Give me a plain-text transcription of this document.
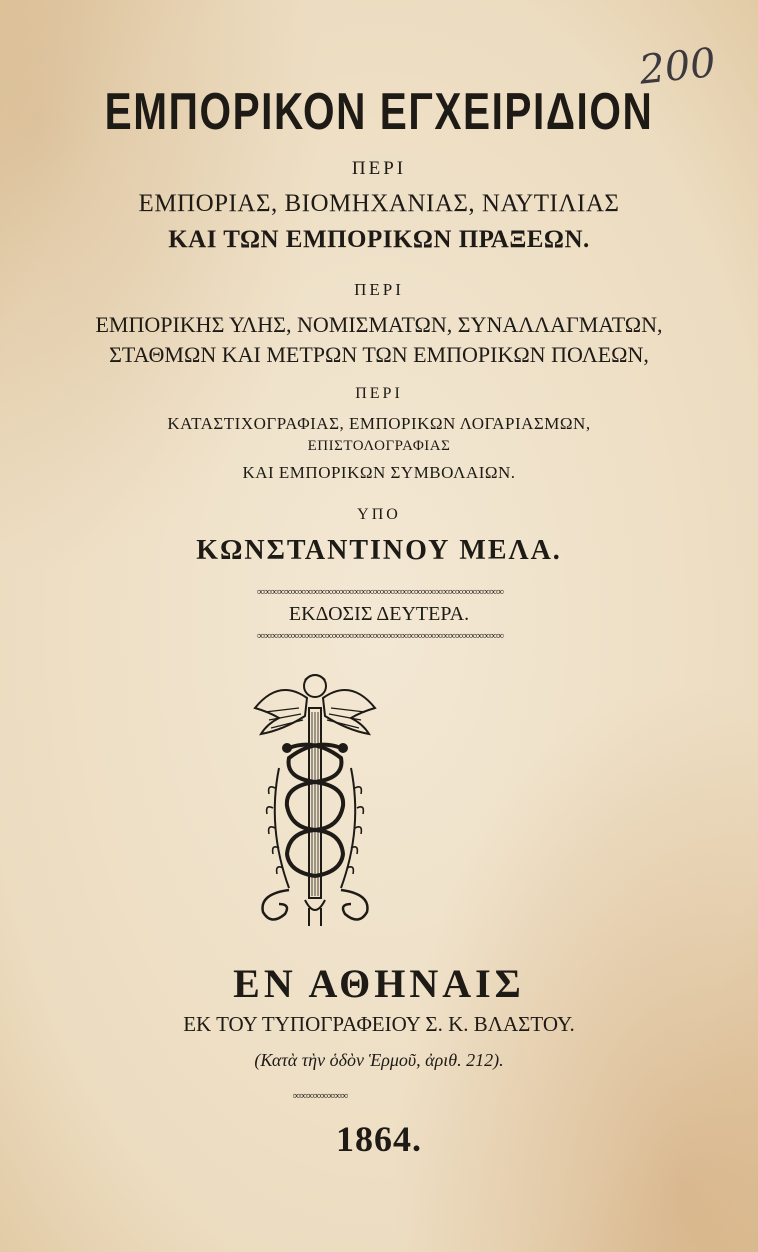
200
ΕΜΠΟΡΙΚΟΝ ΕΓΧΕΙΡΙΔΙΟΝ
ΠΕΡΙ
ΕΜΠΟΡΙΑΣ, ΒΙΟΜΗΧΑΝΙΑΣ, ΝΑΥΤΙΛΙΑΣ
ΚΑΙ ΤΩΝ ΕΜΠΟΡΙΚΩΝ ΠΡΑΞΕΩΝ.
ΠΕΡΙ
ΕΜΠΟΡΙΚΗΣ ΥΛΗΣ, ΝΟΜΙΣΜΑΤΩΝ, ΣΥΝΑΛΛΑΓΜΑΤΩΝ,
ΣΤΑΘΜΩΝ ΚΑΙ ΜΕΤΡΩΝ ΤΩΝ ΕΜΠΟΡΙΚΩΝ ΠΟΛΕΩΝ,
ΠΕΡΙ
ΚΑΤΑΣΤΙΧΟΓΡΑΦΙΑΣ, ΕΜΠΟΡΙΚΩΝ ΛΟΓΑΡΙΑΣΜΩΝ,
ΕΠΙΣΤΟΛΟΓΡΑΦΙΑΣ
ΚΑΙ ΕΜΠΟΡΙΚΩΝ ΣΥΜΒΟΛΑΙΩΝ.
ΥΠΟ
ΚΩΝΣΤΑΝΤΙΝΟΥ ΜΕΛΑ.
∞∞∞∞∞∞∞∞∞∞∞∞∞∞∞∞∞∞∞∞∞∞∞∞∞∞∞∞∞∞∞∞∞∞∞∞
ΕΚΔΟΣΙΣ ΔΕΥΤΕΡΑ.
∞∞∞∞∞∞∞∞∞∞∞∞∞∞∞∞∞∞∞∞∞∞∞∞∞∞∞∞∞∞∞∞∞∞∞∞
ΕΝ ΑΘΗΝΑΙΣ
ΕΚ ΤΟΥ ΤΥΠΟΓΡΑΦΕΙΟΥ Σ. Κ. ΒΛΑΣΤΟΥ.
(Κατὰ τὴν ὁδὸν Ἑρμοῦ, ἀριθ. 212).
∞∞∞∞∞∞∞∞
1864.
